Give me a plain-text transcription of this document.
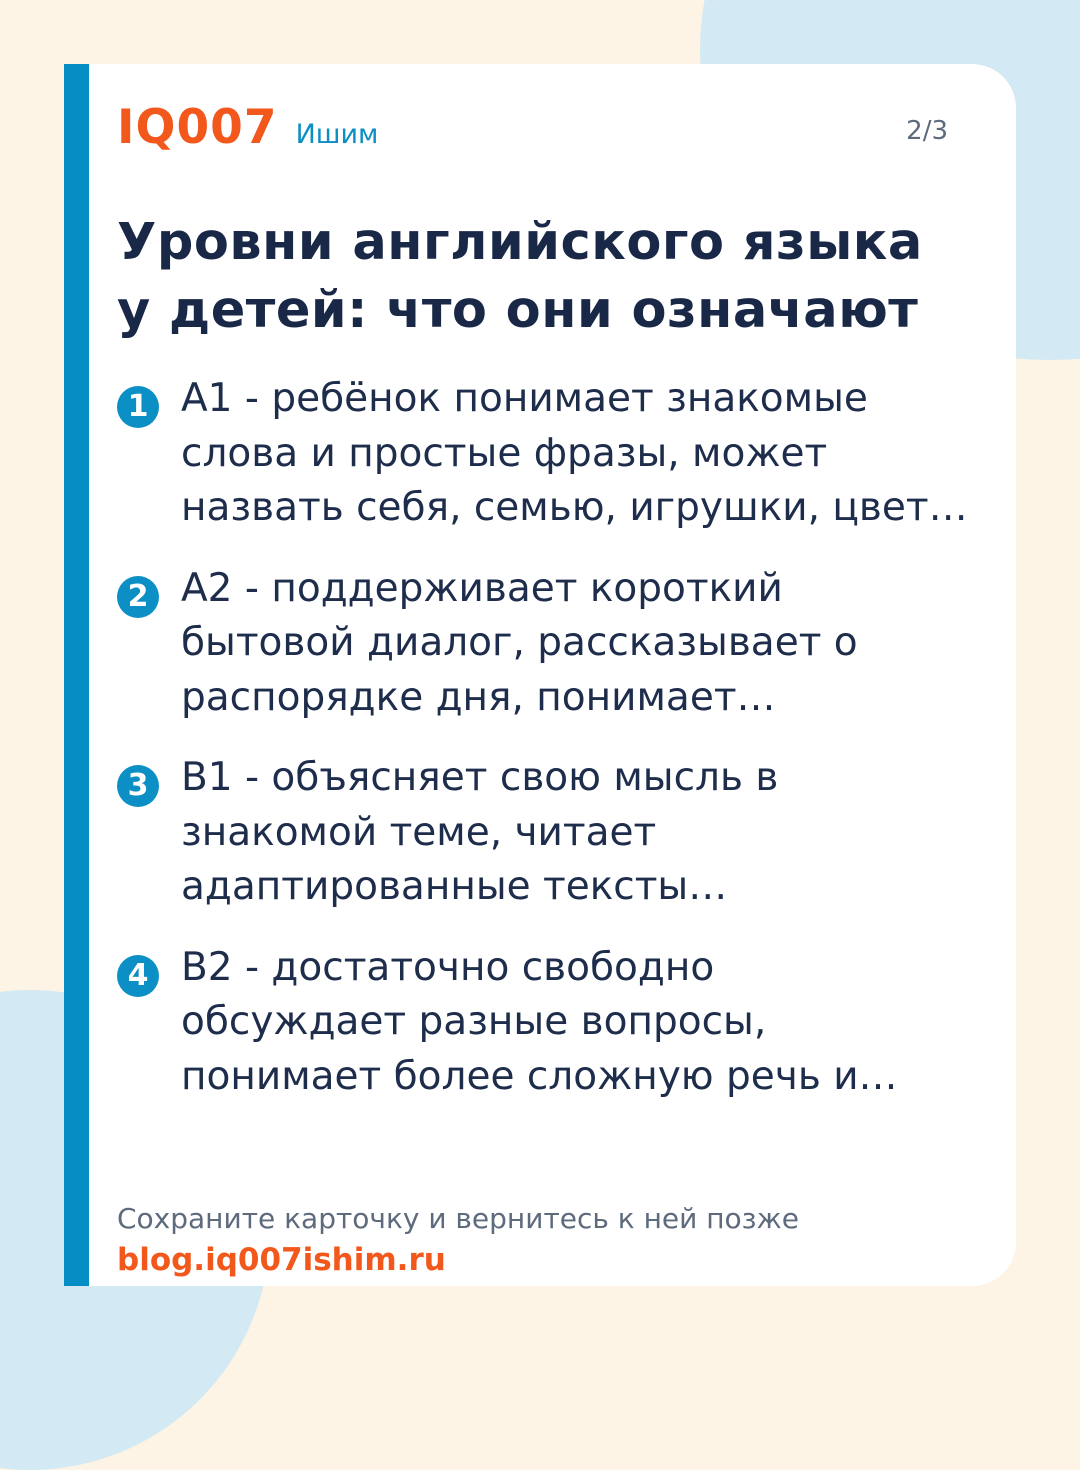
IQ007 Ишим	2/3
Уровни английского языка
у детей: что они означают
1 A1 - ребёнок понимает знакомые
слова и простые фразы, может
назвать себя, семью, игрушки, цвет…
2 A2 - поддерживает короткий
бытовой диалог, рассказывает о
распорядке дня, понимает…
3 B1 - объясняет свою мысль в
знакомой теме, читает
адаптированные тексты…
4 B2 - достаточно свободно
обсуждает разные вопросы,
понимает более сложную речь и…
Сохраните карточку и вернитесь к ней позже
blog.iq007ishim.ru
